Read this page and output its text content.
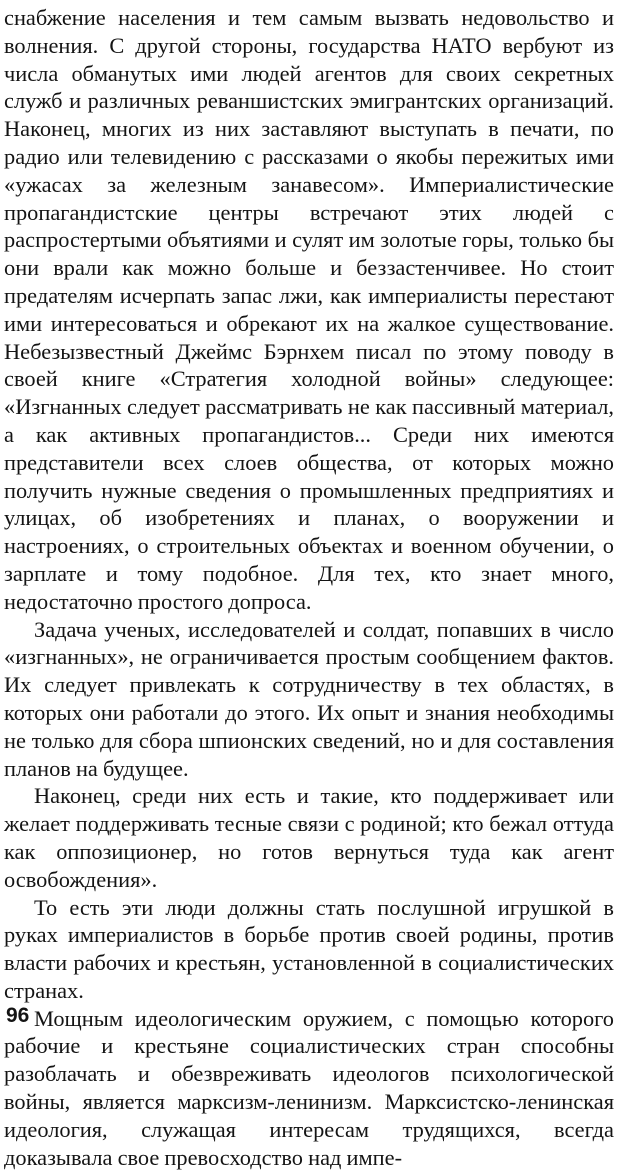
снабжение населения и тем самым вызвать недовольство и волнения. С другой стороны, государства НАТО вербуют из числа обманутых ими людей агентов для своих секретных служб и различных реваншистских эмигрантских организаций. Наконец, многих из них заставляют выступать в печати, по радио или телевидению с рассказами о якобы пережитых ими «ужасах за железным занавесом». Империалистические пропагандистские центры встречают этих людей с распростертыми объятиями и сулят им золотые горы, только бы они врали как можно больше и беззастенчивее. Но стоит предателям исчерпать запас лжи, как империалисты перестают ими интересоваться и обрекают их на жалкое существование. Небезызвестный Джеймс Бэрнхем писал по этому поводу в своей книге «Стратегия холодной войны» следующее: «Изгнанных следует рассматривать не как пассивный материал, а как активных пропагандистов... Среди них имеются представители всех слоев общества, от которых можно получить нужные сведения о промышленных предприятиях и улицах, об изобретениях и планах, о вооружении и настроениях, о строительных объектах и военном обучении, о зарплате и тому подобное. Для тех, кто знает много, недостаточно простого допроса.

Задача ученых, исследователей и солдат, попавших в число «изгнанных», не ограничивается простым сообщением фактов. Их следует привлекать к сотрудничеству в тех областях, в которых они работали до этого. Их опыт и знания необходимы не только для сбора шпионских сведений, но и для составления планов на будущее.

Наконец, среди них есть и такие, кто поддерживает или желает поддерживать тесные связи с родиной; кто бежал оттуда как оппозиционер, но готов вернуться туда как агент освобождения».

То есть эти люди должны стать послушной игрушкой в руках империалистов в борьбе против своей родины, против власти рабочих и крестьян, установленной в социалистических странах.

Мощным идеологическим оружием, с помощью которого рабочие и крестьяне социалистических стран способны разоблачать и обезвреживать идеологов психологической войны, является марксизм-ленинизм. Марксистско-ленинская идеология, служащая интересам трудящихся, всегда доказывала свое превосходство над импе-

96
